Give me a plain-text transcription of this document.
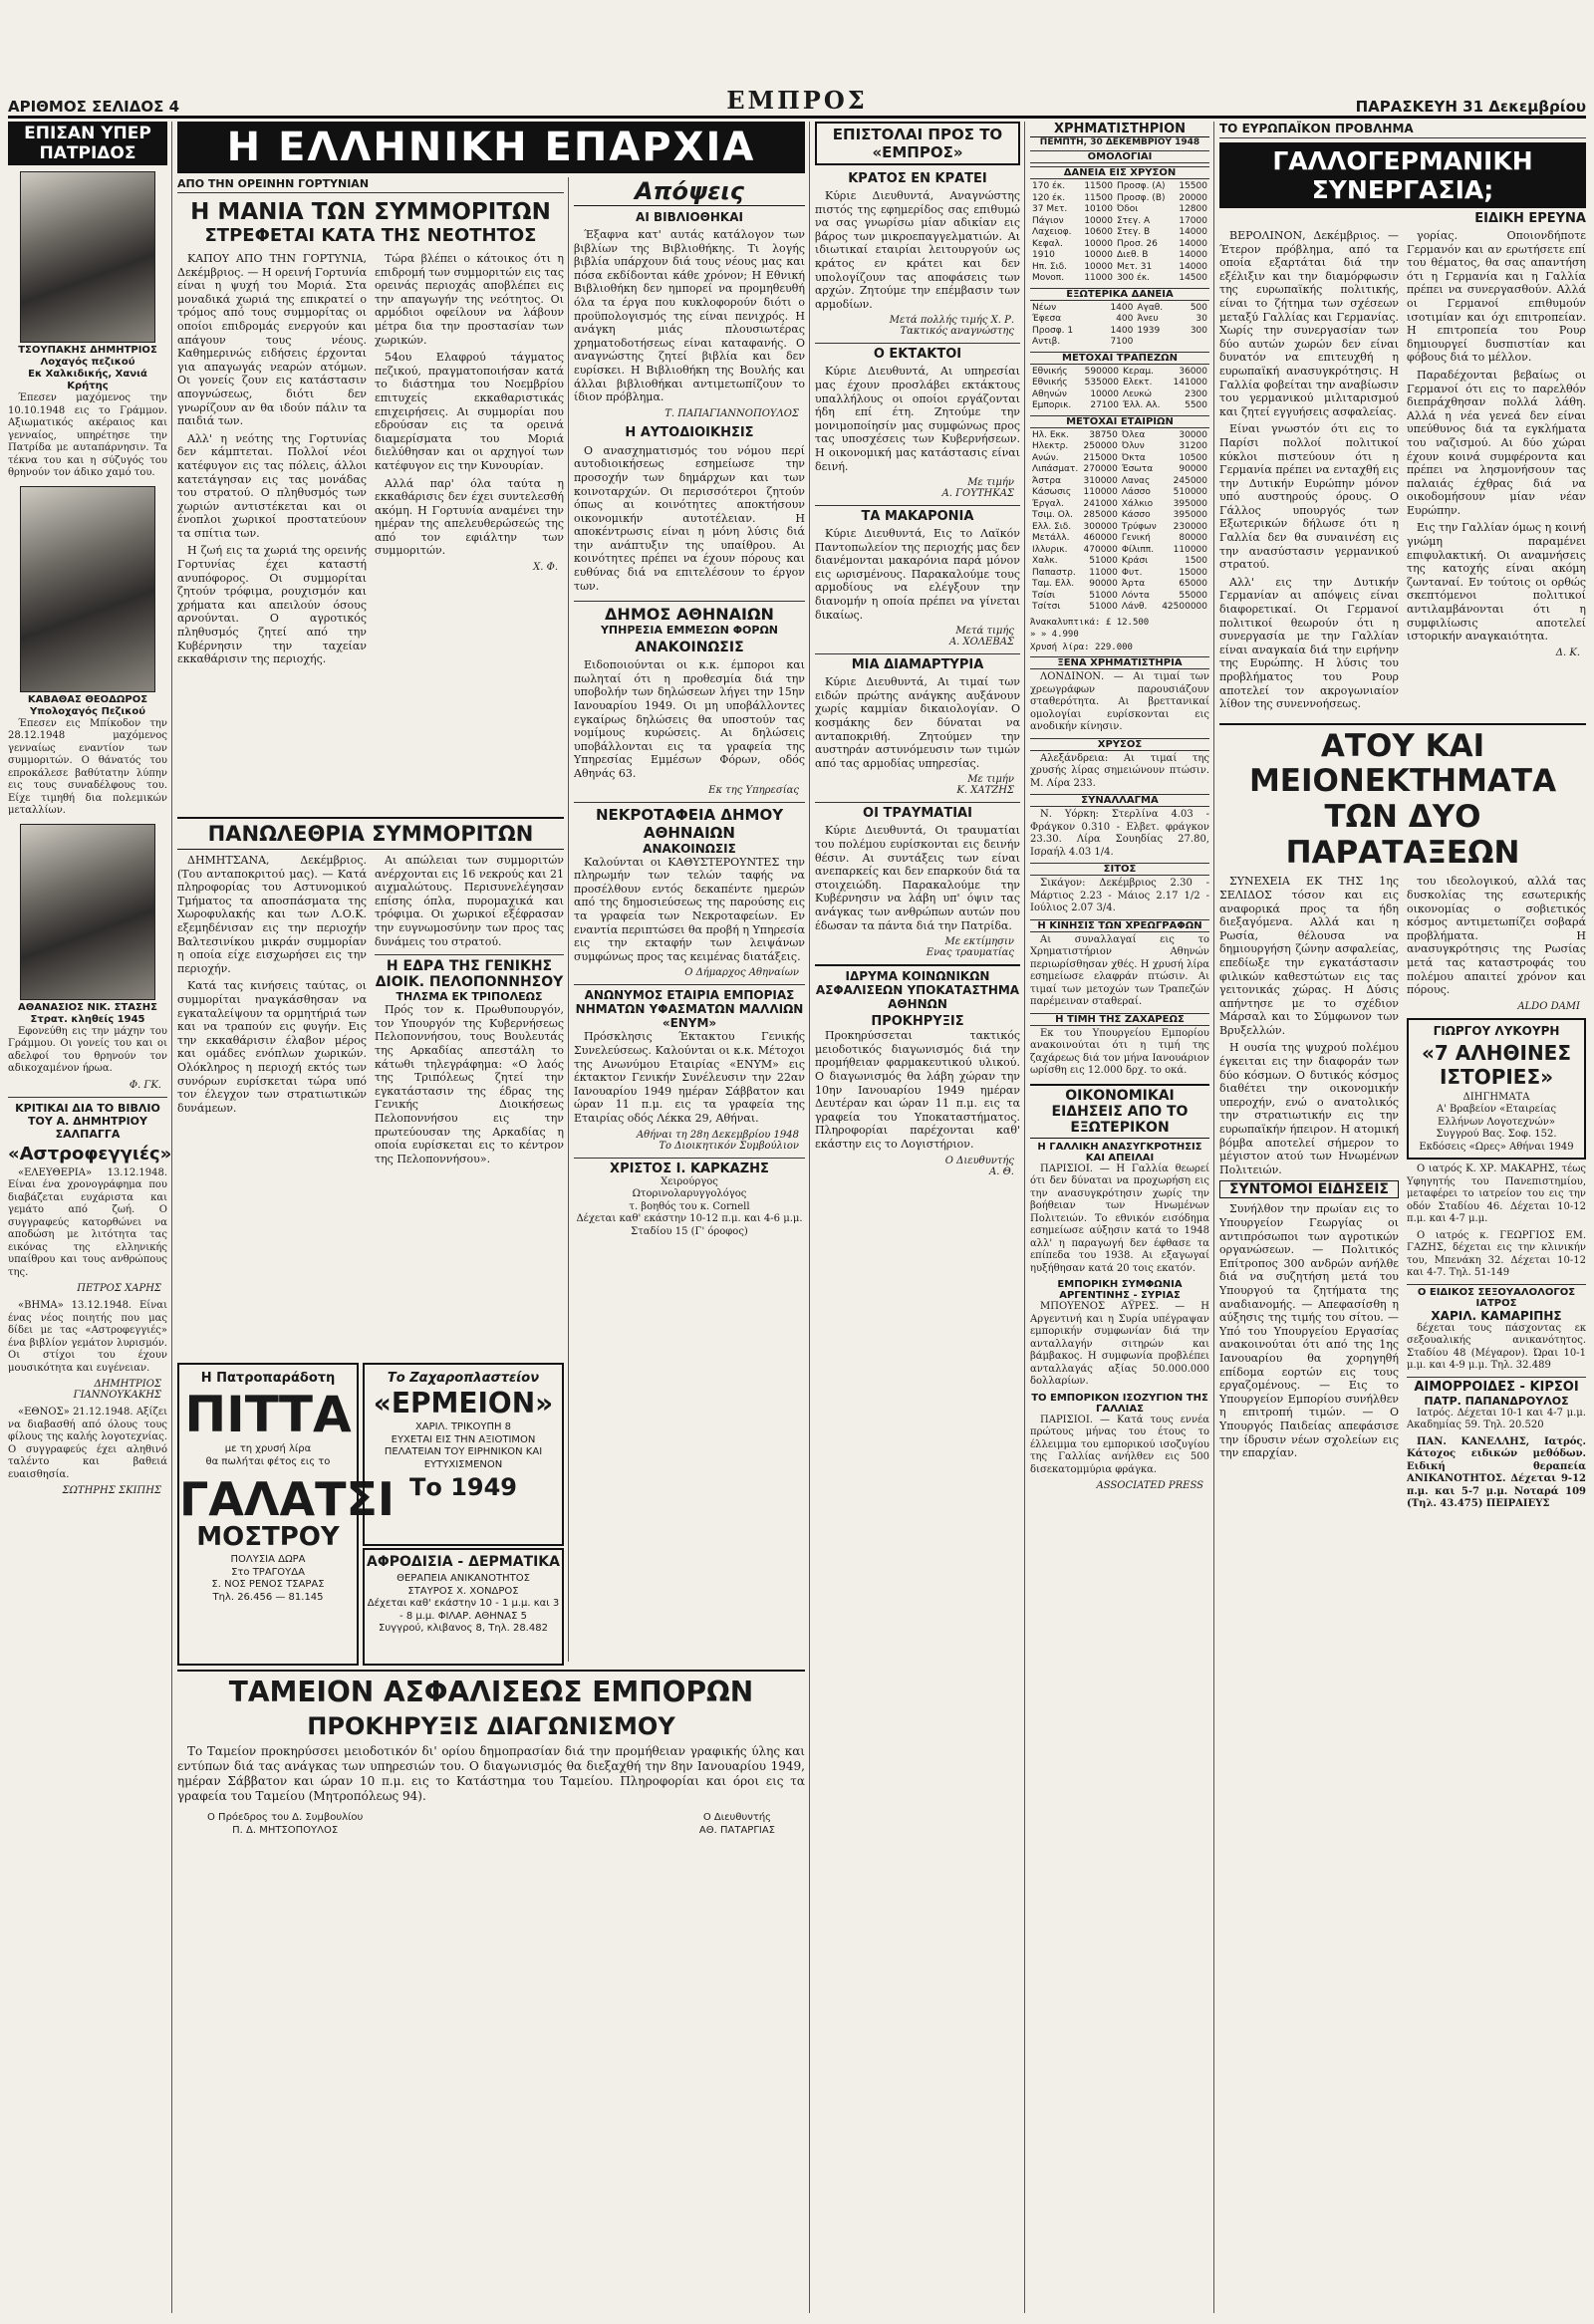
ΑΡΙΘΜΟΣ ΣΕΛΙΔΟΣ 4	ΕΜΠΡΟΣ	ΠΑΡΑΣΚΕΥΗ 31 Δεκεμβρίου
ΕΠΙΣΑΝ ΥΠΕΡ ΠΑΤΡΙΔΟΣ
ΤΣΟΥΠΑΚΗΣ ΔΗΜΗΤΡΙΟΣ
Λοχαγός πεζικού
Εκ Χαλκιδικής, Χανιά Κρήτης

Έπεσεν μαχόμενος την 10.10.1948 εις το Γράμμον. Αξιωματικός ακέραιος και γενναίος, υπηρέτησε την Πατρίδα με αυταπάρνησιν. Τα τέκνα του και η σύζυγός του θρηνούν τον άδικο χαμό του.

ΚΑΒΑΘΑΣ ΘΕΟΔΩΡΟΣ
Υπολοχαγός Πεζικού

Έπεσεν εις Μπίκοδον την 28.12.1948 μαχόμενος γενναίως εναντίον των συμμοριτών. Ο θάνατός του επροκάλεσε βαθύτατην λύπην εις τους συναδέλφους του. Είχε τιμηθή δια πολεμικών μεταλλίων.

ΑΘΑΝΑΣΙΟΣ ΝΙΚ. ΣΤΑΣΗΣ
Στρατ. κληθείς 1945

Εφονεύθη εις την μάχην του Γράμμου. Οι γονείς του και οι αδελφοί του θρηνούν τον αδικοχαμένον ήρωα.

Φ. ΓΚ.
ΚΡΙΤΙΚΑΙ ΔΙΑ ΤΟ ΒΙΒΛΙΟ ΤΟΥ Α. ΔΗΜΗΤΡΙΟΥ ΣΑΛΠΑΓΓΑ
«Αστροφεγγιές»

«ΕΛΕΥΘΕΡΙΑ» 13.12.1948. Είναι ένα χρονογράφημα που διαβάζεται ευχάριστα και γεμάτο από ζωή. Ο συγγραφεύς κατορθώνει να αποδώση με λιτότητα τας εικόνας της ελληνικής υπαίθρου και τους ανθρώπους της.

ΠΕΤΡΟΣ ΧΑΡΗΣ

«ΒΗΜΑ» 13.12.1948. Είναι ένας νέος ποιητής που μας δίδει με τας «Αστροφεγγιές» ένα βιβλίον γεμάτον λυρισμόν. Οι στίχοι του έχουν μουσικότητα και ευγένειαν.

ΔΗΜΗΤΡΙΟΣ ΓΙΑΝΝΟΥΚΑΚΗΣ

«ΕΘΝΟΣ» 21.12.1948. Αξίζει να διαβασθή από όλους τους φίλους της καλής λογοτεχνίας. Ο συγγραφεύς έχει αληθινό ταλέντο και βαθειά ευαισθησία.

ΣΩΤΗΡΗΣ ΣΚΙΠΗΣ
Η ΕΛΛΗΝΙΚΗ ΕΠΑΡΧΙΑ
ΑΠΟ ΤΗΝ ΟΡΕΙΝΗΝ ΓΟΡΤΥΝΙΑΝ
Η ΜΑΝΙΑ ΤΩΝ ΣΥΜΜΟΡΙΤΩΝ
ΣΤΡΕΦΕΤΑΙ ΚΑΤΑ ΤΗΣ ΝΕΟΤΗΤΟΣ

ΚΑΠΟΥ ΑΠΟ ΤΗΝ ΓΟΡΤΥΝΙΑ, Δεκέμβριος. — Η ορεινή Γορτυνία είναι η ψυχή του Μοριά. Στα μοναδικά χωριά της επικρατεί ο τρόμος από τους συμμορίτας οι οποίοι επιδρομάς ενεργούν και απάγουν τους νέους. Καθημερινώς ειδήσεις έρχονται για απαγωγάς νεαρών ατόμων. Οι γονείς ζουν εις κατάστασιν απογνώσεως, διότι δεν γνωρίζουν αν θα ιδούν πάλιν τα παιδιά των.

Αλλ' η νεότης της Γορτυνίας δεν κάμπτεται. Πολλοί νέοι κατέφυγον εις τας πόλεις, άλλοι κατετάγησαν εις τας μονάδας του στρατού. Ο πληθυσμός των χωριών αντιστέκεται και οι ένοπλοι χωρικοί προστατεύουν τα σπίτια των.

Η ζωή εις τα χωριά της ορεινής Γορτυνίας έχει καταστή ανυπόφορος. Οι συμμορίται ζητούν τρόφιμα, ρουχισμόν και χρήματα και απειλούν όσους αρνούνται. Ο αγροτικός πληθυσμός ζητεί από την Κυβέρνησιν την ταχείαν εκκαθάρισιν της περιοχής.

Τώρα βλέπει ο κάτοικος ότι η επιδρομή των συμμοριτών εις τας ορεινάς περιοχάς αποβλέπει εις την απαγωγήν της νεότητος. Οι αρμόδιοι οφείλουν να λάβουν μέτρα δια την προστασίαν των χωρικών.

54ου Ελαφρού τάγματος πεζικού, πραγματοποιήσαν κατά το διάστημα του Νοεμβρίου επιτυχείς εκκαθαριστικάς επιχειρήσεις. Αι συμμορίαι που εδρούσαν εις τα ορεινά διαμερίσματα του Μοριά διελύθησαν και οι αρχηγοί των κατέφυγον εις την Κυνουρίαν.

Αλλά παρ' όλα ταύτα η εκκαθάρισις δεν έχει συντελεσθή ακόμη. Η Γορτυνία αναμένει την ημέραν της απελευθερώσεώς της από τον εφιάλτην των συμμοριτών.

Χ. Φ.
ΠΑΝΩΛΕΘΡΙΑ ΣΥΜΜΟΡΙΤΩΝ

ΔΗΜΗΤΣΑΝΑ, Δεκέμβριος. (Του ανταποκριτού μας). — Κατά πληροφορίας του Αστυνομικού Τμήματος τα αποσπάσματα της Χωροφυλακής και των Λ.Ο.Κ. εξεμηδένισαν εις την περιοχήν Βαλτεσινίκου μικράν συμμορίαν η οποία είχε εισχωρήσει εις την περιοχήν.

Κατά τας κινήσεις ταύτας, οι συμμορίται ηναγκάσθησαν να εγκαταλείψουν τα ορμητήριά των και να τραπούν εις φυγήν. Εις την εκκαθάρισιν έλαβον μέρος και ομάδες ενόπλων χωρικών. Ολόκληρος η περιοχή εκτός των συνόρων ευρίσκεται τώρα υπό τον έλεγχον των στρατιωτικών δυνάμεων.

Αι απώλειαι των συμμοριτών ανέρχονται εις 16 νεκρούς και 21 αιχμαλώτους. Περισυνελέγησαν επίσης όπλα, πυρομαχικά και τρόφιμα. Οι χωρικοί εξέφρασαν την ευγνωμοσύνην των προς τας δυνάμεις του στρατού.

Η ΕΔΡΑ ΤΗΣ ΓΕΝΙΚΗΣ ΔΙΟΙΚ. ΠΕΛΟΠΟΝΝΗΣΟΥ
ΤΗΛΣΜΑ ΕΚ ΤΡΙΠΟΛΕΩΣ

Πρός τον κ. Πρωθυπουργόν, τον Υπουργόν της Κυβερνήσεως Πελοποννήσου, τους Βουλευτάς της Αρκαδίας απεστάλη το κάτωθι τηλεγράφημα: «Ο λαός της Τριπόλεως ζητεί την εγκατάστασιν της έδρας της Γενικής Διοικήσεως Πελοποννήσου εις την πρωτεύουσαν της Αρκαδίας η οποία ευρίσκεται εις το κέντρον της Πελοποννήσου».

Η Πατροπαράδοτη
ΠΙΤΤΑ
με τη χρυσή λίρα
θα πωλήται φέτος εις το
ΓΑΛΑΤΣΙ
ΜΟΣΤΡΟΥ
ΠΟΛΥΣΙΑ ΔΩΡΑ
Στο ΤΡΑΓΟΥΔΑ
Σ. ΝΟΣ ΡΕΝΟΣ ΤΣΑΡΑΣ
Τηλ. 26.456 — 81.145
Το Ζαχαροπλαστείον
«ΕΡΜΕΙΟΝ»
ΧΑΡΙΛ. ΤΡΙΚΟΥΠΗ 8
ΕΥΧΕΤΑΙ ΕΙΣ ΤΗΝ ΑΞΙΟΤΙΜΟΝ ΠΕΛΑΤΕΙΑΝ ΤΟΥ ΕΙΡΗΝΙΚΟΝ ΚΑΙ ΕΥΤΥΧΙΣΜΕΝΟΝ
Το 1949
ΑΦΡΟΔΙΣΙΑ - ΔΕΡΜΑΤΙΚΑ
ΘΕΡΑΠΕΙΑ ΑΝΙΚΑΝΟΤΗΤΟΣ
ΣΤΑΥΡΟΣ Χ. ΧΟΝΔΡΟΣ
Δέχεται καθ' εκάστην 10 - 1 μ.μ. και 3 - 8 μ.μ. ΦΙΛΑΡ. ΑΘΗΝΑΣ 5
Συγγρού, κλιβανος 8, Τηλ. 28.482
ΤΑΜΕΙΟΝ ΑΣΦΑΛΙΣΕΩΣ ΕΜΠΟΡΩΝ
ΠΡΟΚΗΡΥΞΙΣ ΔΙΑΓΩΝΙΣΜΟΥ

Το Ταμείον προκηρύσσει μειοδοτικόν δι' ορίου δημοπρασίαν διά την προμήθειαν γραφικής ύλης και εντύπων διά τας ανάγκας των υπηρεσιών του. Ο διαγωνισμός θα διεξαχθή την 8ην Ιανουαρίου 1949, ημέραν Σάββατον και ώραν 10 π.μ. εις το Κατάστημα του Ταμείου. Πληροφορίαι και όροι εις τα γραφεία του Ταμείου (Μητροπόλεως 94).

Ο Πρόεδρος του Δ. Συμβουλίου
Π. Δ. ΜΗΤΣΟΠΟΥΛΟΣ
Ο Διευθυντής
ΑΘ. ΠΑΤΑΡΓΙΑΣ
Απόψεις
ΑΙ ΒΙΒΛΙΟΘΗΚΑΙ

Έξαφνα κατ' αυτάς κατάλογον των βιβλίων της Βιβλιοθήκης. Τι λογής βιβλία υπάρχουν διά τους νέους μας και πόσα εκδίδονται κάθε χρόνον; Η Εθνική Βιβλιοθήκη δεν ημπορεί να προμηθευθή όλα τα έργα που κυκλοφορούν διότι ο προϋπολογισμός της είναι πενιχρός. Η ανάγκη μιάς πλουσιωτέρας χρηματοδοτήσεως είναι καταφανής. Ο αναγνώστης ζητεί βιβλία και δεν ευρίσκει. Η Βιβλιοθήκη της Βουλής και άλλαι βιβλιοθήκαι αντιμετωπίζουν το ίδιον πρόβλημα.

Τ. ΠΑΠΑΓΙΑΝΝΟΠΟΥΛΟΣ
Η ΑΥΤΟΔΙΟΙΚΗΣΙΣ

Ο ανασχηματισμός του νόμου περί αυτοδιοικήσεως εσημείωσε την προσοχήν των δημάρχων και των κοινοταρχών. Οι περισσότεροι ζητούν όπως αι κοινότητες αποκτήσουν οικονομικήν αυτοτέλειαν. Η αποκέντρωσις είναι η μόνη λύσις διά την ανάπτυξιν της υπαίθρου. Αι κοινότητες πρέπει να έχουν πόρους και ευθύνας διά να επιτελέσουν το έργον των.

ΔΗΜΟΣ ΑΘΗΝΑΙΩΝ
ΥΠΗΡΕΣΙΑ ΕΜΜΕΣΩΝ ΦΟΡΩΝ
ΑΝΑΚΟΙΝΩΣΙΣ

Ειδοποιούνται οι κ.κ. έμποροι και πωληταί ότι η προθεσμία διά την υποβολήν των δηλώσεων λήγει την 15ην Ιανουαρίου 1949. Οι μη υποβάλλοντες εγκαίρως δηλώσεις θα υποστούν τας νομίμους κυρώσεις. Αι δηλώσεις υποβάλλονται εις τα γραφεία της Υπηρεσίας Εμμέσων Φόρων, οδός Αθηνάς 63.

Εκ της Υπηρεσίας
ΝΕΚΡΟΤΑΦΕΙΑ ΔΗΜΟΥ ΑΘΗΝΑΙΩΝ
ΑΝΑΚΟΙΝΩΣΙΣ

Καλούνται οι ΚΑΘΥΣΤΕΡΟΥΝΤΕΣ την πληρωμήν των τελών ταφής να προσέλθουν εντός δεκαπέντε ημερών από της δημοσιεύσεως της παρούσης εις τα γραφεία των Νεκροταφείων. Εν εναντία περιπτώσει θα προβή η Υπηρεσία εις την εκταφήν των λειψάνων συμφώνως προς τας κειμένας διατάξεις.

Ο Δήμαρχος Αθηναίων
ΑΝΩΝΥΜΟΣ ΕΤΑΙΡΙΑ ΕΜΠΟΡΙΑΣ ΝΗΜΑΤΩΝ ΥΦΑΣΜΑΤΩΝ ΜΑΛΛΙΩΝ «ΕΝΥΜ»

Πρόσκλησις Έκτακτου Γενικής Συνελεύσεως. Καλούνται οι κ.κ. Μέτοχοι της Ανωνύμου Εταιρίας «ΕΝΥΜ» εις έκτακτον Γενικήν Συνέλευσιν την 22αν Ιανουαρίου 1949 ημέραν Σάββατον και ώραν 11 π.μ. εις τα γραφεία της Εταιρίας οδός Λέκκα 29, Αθήναι.

Αθήναι τη 28η Δεκεμβρίου 1948
Το Διοικητικόν Συμβούλιον
ΧΡΙΣΤΟΣ Ι. ΚΑΡΚΑΖΗΣ
Χειρούργος
Ωτορινολαρυγγολόγος
τ. βοηθός του κ. Cornell
Δέχεται καθ' εκάστην 10-12 π.μ. και 4-6 μ.μ. Σταδίου 15 (Γ' όροφος)
ΕΠΙΣΤΟΛΑΙ ΠΡΟΣ ΤΟ «ΕΜΠΡΟΣ»
ΚΡΑΤΟΣ ΕΝ ΚΡΑΤΕΙ

Κύριε Διευθυντά, Αναγνώστης πιστός της εφημερίδος σας επιθυμώ να σας γνωρίσω μίαν αδικίαν εις βάρος των μικροεπαγγελματιών. Αι ιδιωτικαί εταιρίαι λειτουργούν ως κράτος εν κράτει και δεν υπολογίζουν τας αποφάσεις των αρχών. Ζητούμε την επέμβασιν των αρμοδίων.

Μετά πολλής τιμής Χ. Ρ.
Τακτικός αναγνώστης
Ο ΕΚΤΑΚΤΟΙ

Κύριε Διευθυντά, Αι υπηρεσίαι μας έχουν προσλάβει εκτάκτους υπαλλήλους οι οποίοι εργάζονται ήδη επί έτη. Ζητούμε την μονιμοποίησίν μας συμφώνως προς τας υποσχέσεις των Κυβερνήσεων. Η οικονομική μας κατάστασις είναι δεινή.

Με τιμήν
Α. ΓΟΥΤΗΚΑΣ
ΤΑ ΜΑΚΑΡΟΝΙΑ

Κύριε Διευθυντά, Εις το Λαϊκόν Παντοπωλείον της περιοχής μας δεν διανέμονται μακαρόνια παρά μόνον εις ωρισμένους. Παρακαλούμε τους αρμοδίους να ελέγξουν την διανομήν η οποία πρέπει να γίνεται δικαίως.

Μετά τιμής
Α. ΧΟΛΕΒΑΣ
ΜΙΑ ΔΙΑΜΑΡΤΥΡΙΑ

Κύριε Διευθυντά, Αι τιμαί των ειδών πρώτης ανάγκης αυξάνουν χωρίς καμμίαν δικαιολογίαν. Ο κοσμάκης δεν δύναται να ανταποκριθή. Ζητούμεν την αυστηράν αστυνόμευσιν των τιμών από τας αρμοδίας υπηρεσίας.

Με τιμήν
Κ. ΧΑΤΖΗΣ
ΟΙ ΤΡΑΥΜΑΤΙΑΙ

Κύριε Διευθυντά, Οι τραυματίαι του πολέμου ευρίσκονται εις δεινήν θέσιν. Αι συντάξεις των είναι ανεπαρκείς και δεν επαρκούν διά τα στοιχειώδη. Παρακαλούμε την Κυβέρνησιν να λάβη υπ' όψιν τας ανάγκας των ανθρώπων αυτών που έδωσαν τα πάντα διά την Πατρίδα.

Με εκτίμησιν
Ενας τραυματίας
ΙΔΡΥΜΑ ΚΟΙΝΩΝΙΚΩΝ ΑΣΦΑΛΙΣΕΩΝ ΥΠΟΚΑΤΑΣΤΗΜΑ ΑΘΗΝΩΝ
ΠΡΟΚΗΡΥΞΙΣ

Προκηρύσσεται τακτικός μειοδοτικός διαγωνισμός διά την προμήθειαν φαρμακευτικού υλικού. Ο διαγωνισμός θα λάβη χώραν την 10ην Ιανουαρίου 1949 ημέραν Δευτέραν και ώραν 11 π.μ. εις τα γραφεία του Υποκαταστήματος. Πληροφορίαι παρέχονται καθ' εκάστην εις το Λογιστήριον.

Ο Διευθυντής
Α. Θ.
ΧΡΗΜΑΤΙΣΤΗΡΙΟΝ
ΠΕΜΠΤΗ, 30 ΔΕΚΕΜΒΡΙΟΥ 1948
ΟΜΟΛΟΓΙΑΙ
ΔΑΝΕΙΑ ΕΙΣ ΧΡΥΣΟΝ
170 έκ.	11500	Προσφ. (Α)	15500
120 έκ.	11500	Προσφ. (Β)	20000
37 Μετ.	10100	Όδοι	12800
Πάγιον	10000	Στεγ. Α	17000
Λαχειοφ.	10600	Στεγ. Β	14000
Κεφαλ.	10000	Προσ. 26	14000
1910	10000	Διεθ. Β	14000
Ηπ. Σιδ.	10000	Μετ. 31	14000
Μονοπ.	11000	300 έκ.	14500
ΕΞΩΤΕΡΙΚΑ ΔΑΝΕΙΑ
Νέων	1400	Αγαθ.	500
Έφεσα	400	Άνευ	30
Προσφ. 1	1400	1939	300
Αντιβ.	7100		
ΜΕΤΟΧΑΙ ΤΡΑΠΕΖΩΝ
Εθνικής	590000	Κεραμ.	36000
Εθνικής	535000	Ελεκτ.	141000
Αθηνών	10000	Λευκώ	2300
Εμπορικ.	27100	Έλλ. Αλ.	5500
ΜΕΤΟΧΑΙ ΕΤΑΙΡΙΩΝ
Ηλ. Εκκ.	38750	Όλεα	30000
Ηλεκτρ.	250000	Όλυν	31200
Ανών.	215000	Όκτα	10500
Λιπάσματ.	270000	Έσωτα	90000
Άστρα	310000	Λανας	245000
Κάσωσις	110000	Λάσσο	510000
Έργαλ.	241000	Χάλκιο	395000
Τσιμ. Ολ.	285000	Κάσσο	395000
Ελλ. Σιδ.	300000	Τρύφων	230000
Μετάλλ.	460000	Γενική	80000
Ιλλυρικ.	470000	Φίλιππ.	110000
Χαλκ.	51000	Κράσι	1500
Παπαστρ.	11000	Φυτ.	15000
Ταμ. Ελλ.	90000	Άρτα	65000
Τσίσι	51000	Λόντα	55000
Τσίτσι	51000	Λάνθ.	42500000
Άνακαλυπτικά: £ 12.500
» » 4.990
Χρυσή λίρα: 229.000
ΞΕΝΑ ΧΡΗΜΑΤΙΣΤΗΡΙΑ

ΛΟΝΔΙΝΟΝ. — Αι τιμαί των χρεωγράφων παρουσιάζουν σταθερότητα. Αι βρεττανικαί ομολογίαι ευρίσκονται εις ανοδικήν κίνησιν.

ΧΡΥΣΟΣ

Αλεξάνδρεια: Αι τιμαί της χρυσής λίρας σημειώνουν πτώσιν. Μ. Λίρα 233.

ΣΥΝΑΛΛΑΓΜΑ

Ν. Υόρκη: Στερλίνα 4.03 - Φράγκον 0.310 - Ελβετ. φράγκον 23.30. Λίρα Σουηδίας 27.80, Ισραήλ 4.03 1/4.

ΣΙΤΟΣ

Σικάγον: Δεκέμβριος 2.30 - Μάρτιος 2.23 - Μάιος 2.17 1/2 - Ιούλιος 2.07 3/4.

Η ΚΙΝΗΣΙΣ ΤΩΝ ΧΡΕΩΓΡΑΦΩΝ

Αι συναλλαγαί εις το Χρηματιστήριον Αθηνών περιωρίσθησαν χθές. Η χρυσή λίρα εσημείωσε ελαφράν πτώσιν. Αι τιμαί των μετοχών των Τραπεζών παρέμειναν σταθεραί.

Η ΤΙΜΗ ΤΗΣ ΖΑΧΑΡΕΩΣ

Εκ του Υπουργείου Εμπορίου ανακοινούται ότι η τιμή της ζαχάρεως διά τον μήνα Ιανουάριον ωρίσθη εις 12.000 δρχ. το οκά.

ΟΙΚΟΝΟΜΙΚΑΙ ΕΙΔΗΣΕΙΣ ΑΠΟ ΤΟ ΕΞΩΤΕΡΙΚΟΝ
Η ΓΑΛΛΙΚΗ ΑΝΑΣΥΓΚΡΟΤΗΣΙΣ ΚΑΙ ΑΠΕΙΛΑΙ

ΠΑΡΙΣΙΟΙ. — Η Γαλλία θεωρεί ότι δεν δύναται να προχωρήση εις την ανασυγκρότησιν χωρίς την βοήθειαν των Ηνωμένων Πολιτειών. Το εθνικόν εισόδημα εσημείωσε αύξησιν κατά το 1948 αλλ' η παραγωγή δεν έφθασε τα επίπεδα του 1938. Αι εξαγωγαί ηυξήθησαν κατά 20 τοις εκατόν.

ΕΜΠΟΡΙΚΗ ΣΥΜΦΩΝΙΑ ΑΡΓΕΝΤΙΝΗΣ - ΣΥΡΙΑΣ

ΜΠΟΥΕΝΟΣ ΑΫΡΕΣ. — Η Αργεντινή και η Συρία υπέγραψαν εμπορικήν συμφωνίαν διά την ανταλλαγήν σιτηρών και βάμβακος. Η συμφωνία προβλέπει ανταλλαγάς αξίας 50.000.000 δολλαρίων.

ΤΟ ΕΜΠΟΡΙΚΟΝ ΙΣΟΖΥΓΙΟΝ ΤΗΣ ΓΑΛΛΙΑΣ

ΠΑΡΙΣΙΟΙ. — Κατά τους εννέα πρώτους μήνας του έτους το έλλειμμα του εμπορικού ισοζυγίου της Γαλλίας ανήλθεν εις 500 δισεκατομμύρια φράγκα.

ASSOCIATED PRESS
ΤΟ ΕΥΡΩΠΑΪΚΟΝ ΠΡΟΒΛΗΜΑ
ΓΑΛΛΟΓΕΡΜΑΝΙΚΗ ΣΥΝΕΡΓΑΣΙΑ;
ΕΙΔΙΚΗ ΕΡΕΥΝΑ

ΒΕΡΟΛΙΝΟΝ, Δεκέμβριος. — Έτερον πρόβλημα, από τα οποία εξαρτάται διά την εξέλιξιν και την διαμόρφωσιν της ευρωπαϊκής πολιτικής, είναι το ζήτημα των σχέσεων μεταξύ Γαλλίας και Γερμανίας. Χωρίς την συνεργασίαν των δύο αυτών χωρών δεν είναι δυνατόν να επιτευχθή η ευρωπαϊκή ανασυγκρότησις. Η Γαλλία φοβείται την αναβίωσιν του γερμανικού μιλιταρισμού και ζητεί εγγυήσεις ασφαλείας.

Είναι γνωστόν ότι εις το Παρίσι πολλοί πολιτικοί κύκλοι πιστεύουν ότι η Γερμανία πρέπει να ενταχθή εις την Δυτικήν Ευρώπην μόνον υπό αυστηρούς όρους. Ο Γάλλος υπουργός των Εξωτερικών δήλωσε ότι η Γαλλία δεν θα συναινέση εις την ανασύστασιν γερμανικού στρατού.

Αλλ' εις την Δυτικήν Γερμανίαν αι απόψεις είναι διαφορετικαί. Οι Γερμανοί πολιτικοί θεωρούν ότι η συνεργασία με την Γαλλίαν είναι αναγκαία διά την ειρήνην της Ευρώπης. Η λύσις του προβλήματος του Ρουρ αποτελεί τον ακρογωνιαίον λίθον της συνεννοήσεως.

γορίας. Οποιονδήποτε Γερμανόν και αν ερωτήσετε επί του θέματος, θα σας απαντήση ότι η Γερμανία και η Γαλλία πρέπει να συνεργασθούν. Αλλά οι Γερμανοί επιθυμούν ισοτιμίαν και όχι επιτροπείαν. Η επιτροπεία του Ρουρ δημιουργεί δυσπιστίαν και φόβους διά το μέλλον.

Παραδέχονται βεβαίως οι Γερμανοί ότι εις το παρελθόν διεπράχθησαν πολλά λάθη. Αλλά η νέα γενεά δεν είναι υπεύθυνος διά τα εγκλήματα του ναζισμού. Αι δύο χώραι έχουν κοινά συμφέροντα και πρέπει να λησμονήσουν τας παλαιάς έχθρας διά να οικοδομήσουν μίαν νέαν Ευρώπην.

Εις την Γαλλίαν όμως η κοινή γνώμη παραμένει επιφυλακτική. Οι αναμνήσεις της κατοχής είναι ακόμη ζωνταναί. Εν τούτοις οι ορθώς σκεπτόμενοι πολιτικοί αντιλαμβάνονται ότι η συμφιλίωσις αποτελεί ιστορικήν αναγκαιότητα.

Δ. Κ.
ΑΤΟΥ ΚΑΙ ΜΕΙΟΝΕΚΤΗΜΑΤΑ ΤΩΝ ΔΥΟ ΠΑΡΑΤΑΞΕΩΝ

ΣΥΝΕΧΕΙΑ ΕΚ ΤΗΣ 1ης ΣΕΛΙΔΟΣ τόσον και εις αναφορικά προς τα ήδη διεξαγόμενα. Αλλά και η Ρωσία, θέλουσα να δημιουργήση ζώνην ασφαλείας, επεδίωξε την εγκατάστασιν φιλικών καθεστώτων εις τας γειτονικάς χώρας. Η Δύσις απήντησε με το σχέδιον Μάρσαλ και το Σύμφωνον των Βρυξελλών.

Η ουσία της ψυχρού πολέμου έγκειται εις την διαφοράν των δύο κόσμων. Ο δυτικός κόσμος διαθέτει την οικονομικήν υπεροχήν, ενώ ο ανατολικός την στρατιωτικήν εις την ευρωπαϊκήν ήπειρον. Η ατομική βόμβα αποτελεί σήμερον το μέγιστον ατού των Ηνωμένων Πολιτειών.

ΣΥΝΤΟΜΟΙ ΕΙΔΗΣΕΙΣ

Συνήλθον την πρωίαν εις το Υπουργείον Γεωργίας οι αντιπρόσωποι των αγροτικών οργανώσεων. — Πολιτικός Επίτροπος 300 ανδρών ανήλθε διά να συζητήση μετά του Υπουργού τα ζητήματα της αναδιανομής. — Απεφασίσθη η αύξησις της τιμής του σίτου. — Υπό του Υπουργείου Εργασίας ανακοινούται ότι από της 1ης Ιανουαρίου θα χορηγηθή επίδομα εορτών εις τους εργαζομένους. — Εις το Υπουργείον Εμπορίου συνήλθεν η επιτροπή τιμών. — Ο Υπουργός Παιδείας απεφάσισε την ίδρυσιν νέων σχολείων εις την επαρχίαν.

του ιδεολογικού, αλλά τας δυσκολίας της εσωτερικής οικονομίας ο σοβιετικός κόσμος αντιμετωπίζει σοβαρά προβλήματα. Η ανασυγκρότησις της Ρωσίας μετά τας καταστροφάς του πολέμου απαιτεί χρόνον και πόρους.

ALDO DAMI
ΓΙΩΡΓΟΥ ΛΥΚΟΥΡΗ
«7 ΑΛΗΘΙΝΕΣ ΙΣΤΟΡΙΕΣ»
ΔΙΗΓΗΜΑΤΑ
Α' Βραβείον «Εταιρείας Ελλήνων Λογοτεχνών»
Συγγρού Βας. Σοφ. 152. Εκδόσεις «Ωρες» Αθήναι 1949

Ο ιατρός Κ. ΧΡ. ΜΑΚΑΡΗΣ, τέως Υφηγητής του Πανεπιστημίου, μεταφέρει το ιατρείον του εις την οδόν Σταδίου 46. Δέχεται 10-12 π.μ. και 4-7 μ.μ.

Ο ιατρός κ. ΓΕΩΡΓΙΟΣ ΕΜ. ΓΑΖΗΣ, δέχεται εις την κλινικήν του, Μπενάκη 32. Δέχεται 10-12 και 4-7. Τηλ. 51-149

Ο ΕΙΔΙΚΟΣ ΣΕΞΟΥΑΛΟΛΟΓΟΣ ΙΑΤΡΟΣ
ΧΑΡΙΛ. ΚΑΜΑΡΙΠΗΣ

δέχεται τους πάσχοντας εκ σεξουαλικής ανικανότητος. Σταδίου 48 (Μέγαρον). Ώραι 10-1 μ.μ. και 4-9 μ.μ. Τηλ. 32.489

ΑΙΜΟΡΡΟΙΔΕΣ - ΚΙΡΣΟΙ
ΠΑΤΡ. ΠΑΠΑΝΔΡΟΥΛΟΣ

Ιατρός. Δέχεται 10-1 και 4-7 μ.μ. Ακαδημίας 59. Τηλ. 20.520

ΠΑΝ. ΚΑΝΕΛΛΗΣ, Ιατρός. Κάτοχος ειδικών μεθόδων. Ειδική θεραπεία ΑΝΙΚΑΝΟΤΗΤΟΣ. Δέχεται 9-12 π.μ. και 5-7 μ.μ. Νοταρά 109 (Τηλ. 43.475) ΠΕΙΡΑΙΕΥΣ
